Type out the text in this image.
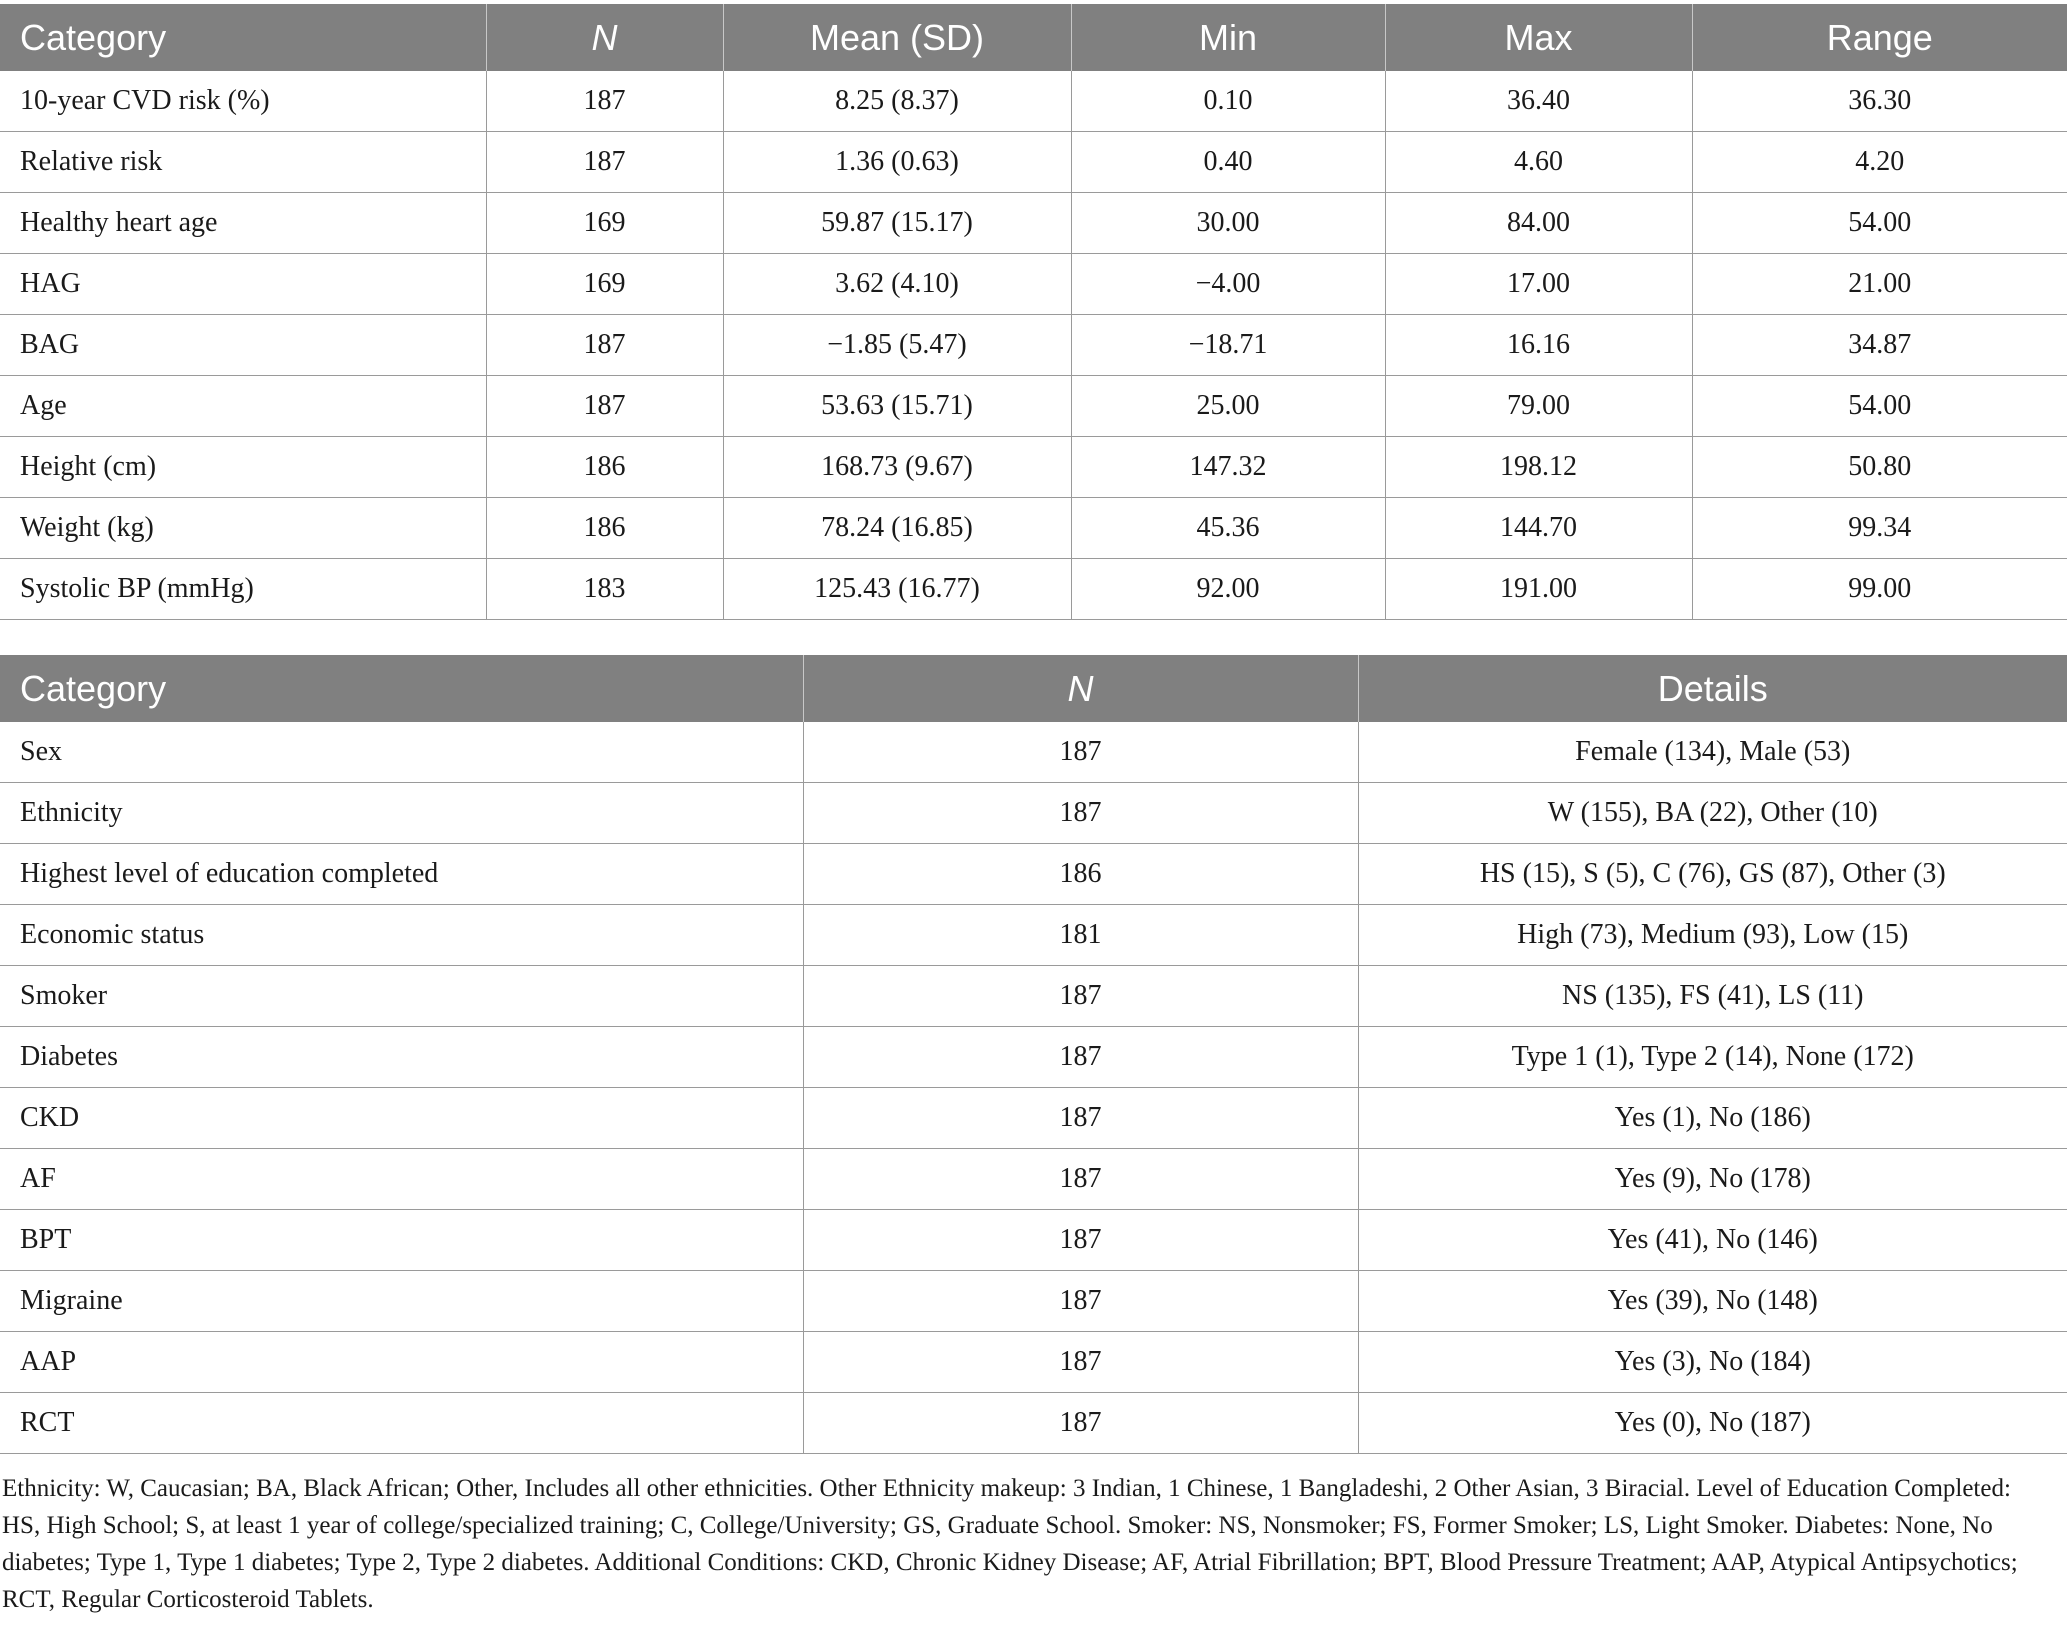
Category	N	Mean (SD)	Min	Max	Range
10-year CVD risk (%)	187	8.25 (8.37)	0.10	36.40	36.30
Relative risk	187	1.36 (0.63)	0.40	4.60	4.20
Healthy heart age	169	59.87 (15.17)	30.00	84.00	54.00
HAG	169	3.62 (4.10)	−4.00	17.00	21.00
BAG	187	−1.85 (5.47)	−18.71	16.16	34.87
Age	187	53.63 (15.71)	25.00	79.00	54.00
Height (cm)	186	168.73 (9.67)	147.32	198.12	50.80
Weight (kg)	186	78.24 (16.85)	45.36	144.70	99.34
Systolic BP (mmHg)	183	125.43 (16.77)	92.00	191.00	99.00
Category	N	Details
Sex	187	Female (134), Male (53)
Ethnicity	187	W (155), BA (22), Other (10)
Highest level of education completed	186	HS (15), S (5), C (76), GS (87), Other (3)
Economic status	181	High (73), Medium (93), Low (15)
Smoker	187	NS (135), FS (41), LS (11)
Diabetes	187	Type 1 (1), Type 2 (14), None (172)
CKD	187	Yes (1), No (186)
AF	187	Yes (9), No (178)
BPT	187	Yes (41), No (146)
Migraine	187	Yes (39), No (148)
AAP	187	Yes (3), No (184)
RCT	187	Yes (0), No (187)

Ethnicity: W, Caucasian; BA, Black African; Other, Includes all other ethnicities. Other Ethnicity makeup: 3 Indian, 1 Chinese, 1 Bangladeshi, 2 Other Asian, 3 Biracial. Level of Education Completed: HS, High School; S, at least 1 year of college/specialized training; C, College/University; GS, Graduate School. Smoker: NS, Nonsmoker; FS, Former Smoker; LS, Light Smoker. Diabetes: None, No diabetes; Type 1, Type 1 diabetes; Type 2, Type 2 diabetes. Additional Conditions: CKD, Chronic Kidney Disease; AF, Atrial Fibrillation; BPT, Blood Pressure Treatment; AAP, Atypical Antipsychotics; RCT, Regular Corticosteroid Tablets.
